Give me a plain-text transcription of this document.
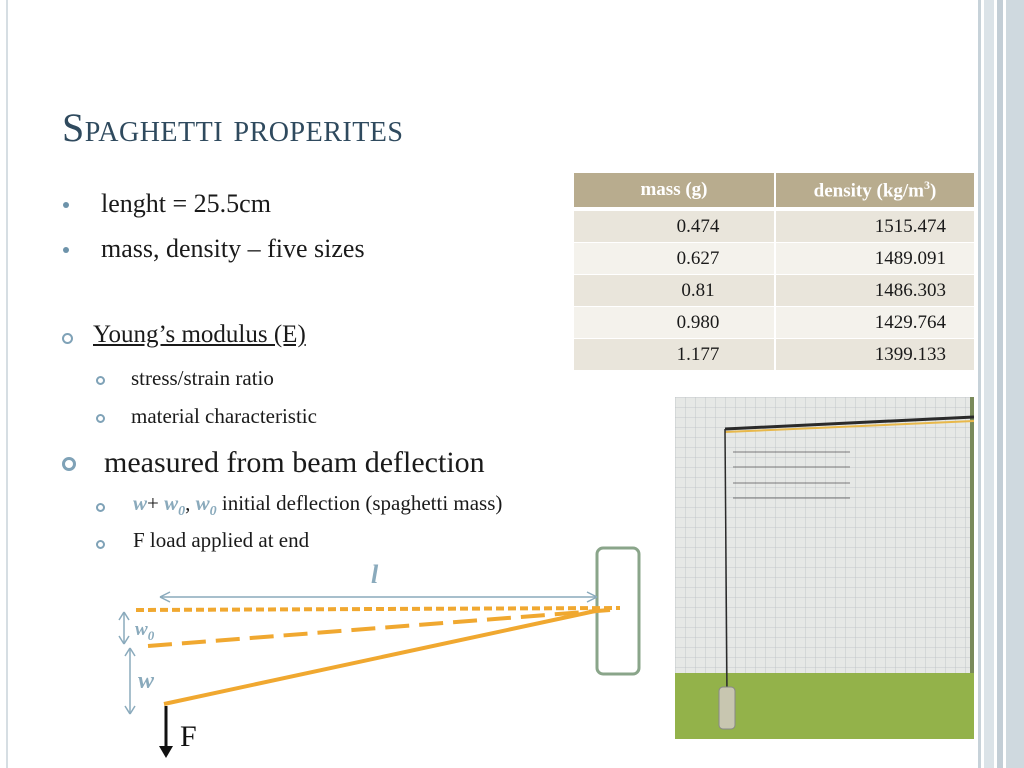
Spaghetti properites
lenght = 25.5cm
mass, density – five sizes
Young’s modulus (E)
stress/strain ratio
material characteristic
measured from beam deflection
$w+ w_0$, $w_0$ initial deflection (spaghetti mass)
F load applied at end
mass (g)	density $(kg/m^3)$
0.474	1515.474
0.627	1489.091
0.81	1486.303
0.980	1429.764
1.177	1399.133
l
$w_0$
w
F
